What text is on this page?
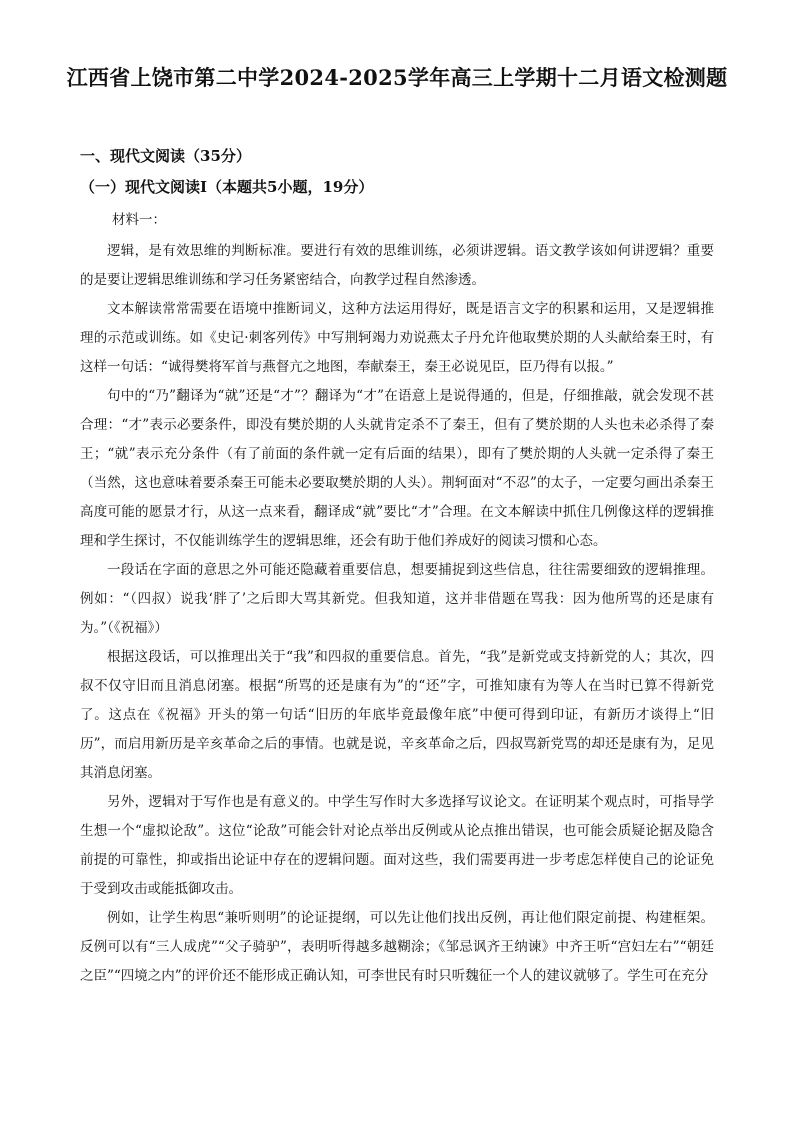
江西省上饶市第二中学2024-2025学年高三上学期十二月语文检测题
一、现代文阅读（35分）
（一）现代文阅读Ⅰ（本题共5小题，19分）
材料一：

逻辑，是有效思维的判断标准。要进行有效的思维训练，必须讲逻辑。语文教学该如何讲逻辑？重要的是要让逻辑思维训练和学习任务紧密结合，向教学过程自然渗透。

文本解读常常需要在语境中推断词义，这种方法运用得好，既是语言文字的积累和运用，又是逻辑推理的示范或训练。如《史记·刺客列传》中写荆轲竭力劝说燕太子丹允许他取樊於期的人头献给秦王时，有这样一句话：“诚得樊将军首与燕督亢之地图，奉献秦王，秦王必说见臣，臣乃得有以报。”

句中的“乃”翻译为“就”还是“才”？翻译为“才”在语意上是说得通的，但是，仔细推敲，就会发现不甚合理：“才”表示必要条件，即没有樊於期的人头就肯定杀不了秦王，但有了樊於期的人头也未必杀得了秦王；“就”表示充分条件（有了前面的条件就一定有后面的结果），即有了樊於期的人头就一定杀得了秦王（当然，这也意味着要杀秦王可能未必要取樊於期的人头）。荆轲面对“不忍”的太子，一定要匀画出杀秦王高度可能的愿景才行，从这一点来看，翻译成“就”要比“才”合理。在文本解读中抓住几例像这样的逻辑推理和学生探讨，不仅能训练学生的逻辑思维，还会有助于他们养成好的阅读习惯和心态。

一段话在字面的意思之外可能还隐藏着重要信息，想要捕捉到这些信息，往往需要细致的逻辑推理。例如：“（四叔）说我‘胖了’之后即大骂其新党。但我知道，这并非借题在骂我：因为他所骂的还是康有为。”（《祝福》）

根据这段话，可以推理出关于“我”和四叔的重要信息。首先，“我”是新党或支持新党的人；其次，四叔不仅守旧而且消息闭塞。根据“所骂的还是康有为”的“还”字，可推知康有为等人在当时已算不得新党了。这点在《祝福》开头的第一句话“旧历的年底毕竟最像年底”中便可得到印证，有新历才谈得上“旧历”，而启用新历是辛亥革命之后的事情。也就是说，辛亥革命之后，四叔骂新党骂的却还是康有为，足见其消息闭塞。

另外，逻辑对于写作也是有意义的。中学生写作时大多选择写议论文。在证明某个观点时，可指导学生想一个“虚拟论敌”。这位“论敌”可能会针对论点举出反例或从论点推出错误，也可能会质疑论据及隐含前提的可靠性，抑或指出论证中存在的逻辑问题。面对这些，我们需要再进一步考虑怎样使自己的论证免于受到攻击或能抵御攻击。

例如，让学生构思“兼听则明”的论证提纲，可以先让他们找出反例，再让他们限定前提、构建框架。反例可以有“三人成虎”“父子骑驴”，表明听得越多越糊涂；《邹忌讽齐王纳谏》中齐王听“宫妇左右”“朝廷之臣”“四境之内”的评价还不能形成正确认知，可李世民有时只听魏征一个人的建议就够了。学生可在充分
